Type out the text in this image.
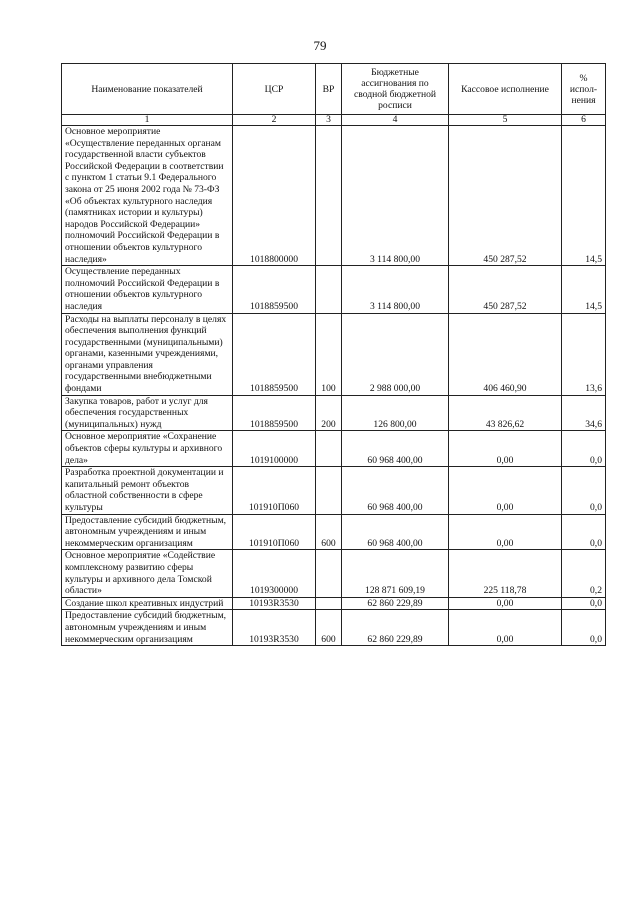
79
Наименование показателей	ЦСР	ВР	Бюджетные ассигнования по сводной бюджетной росписи	Кассовое исполнение	% испол-нения
1	2	3	4	5	6
Основное мероприятие «Осуществление переданных органам государственной власти субъектов Российской Федерации в соответствии с пунктом 1 статьи 9.1 Федерального закона от 25 июня 2002 года № 73-ФЗ «Об объектах культурного наследия (памятниках истории и культуры) народов Российской Федерации» полномочий Российской Федерации в отношении объектов культурного наследия»	1018800000		3 114 800,00	450 287,52	14,5
Осуществление переданных полномочий Российской Федерации в отношении объектов культурного наследия	1018859500		3 114 800,00	450 287,52	14,5
Расходы на выплаты персоналу в целях обеспечения выполнения функций государственными (муниципальными) органами, казенными учреждениями, органами управления государственными внебюджетными фондами	1018859500	100	2 988 000,00	406 460,90	13,6
Закупка товаров, работ и услуг для обеспечения государственных (муниципальных) нужд	1018859500	200	126 800,00	43 826,62	34,6
Основное мероприятие «Сохранение объектов сферы культуры и архивного дела»	1019100000		60 968 400,00	0,00	0,0
Разработка проектной документации и капитальный ремонт объектов областной собственности в сфере культуры	101910П060		60 968 400,00	0,00	0,0
Предоставление субсидий бюджетным, автономным учреждениям и иным некоммерческим организациям	101910П060	600	60 968 400,00	0,00	0,0
Основное мероприятие «Содействие комплексному развитию сферы культуры и архивного дела Томской области»	1019300000		128 871 609,19	225 118,78	0,2
Создание школ креативных индустрий	10193R3530		62 860 229,89	0,00	0,0
Предоставление субсидий бюджетным, автономным учреждениям и иным некоммерческим организациям	10193R3530	600	62 860 229,89	0,00	0,0
